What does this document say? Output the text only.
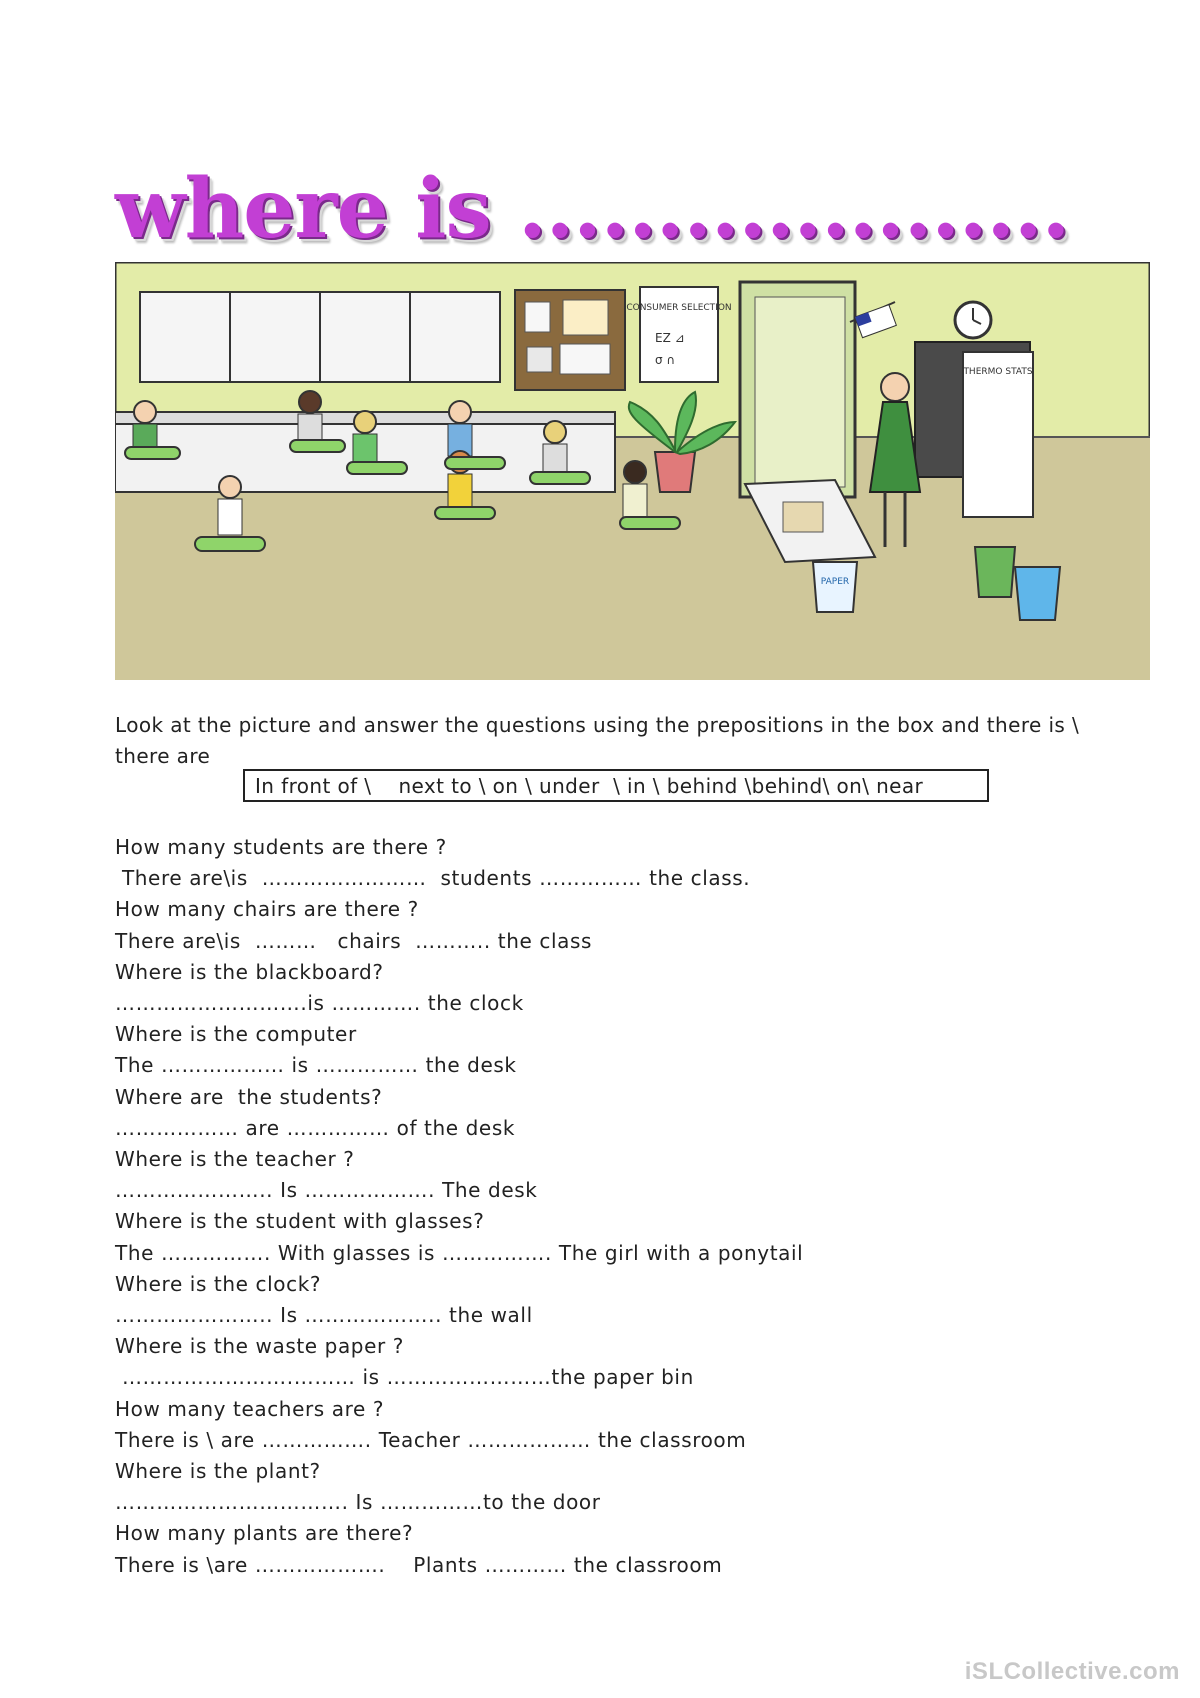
where is ....................
CONSUMER SELECTION
EZ ⊿
σ ∩
THERMO STATS
PAPER

Look at the picture and answer the questions using the prepositions in the box and there is \ there are

In front of \    next to \ on \ under  \ in \ behind \behind\ on\ near
How many students are there ?
There are\is  ……………………  students …………… the class.
How many chairs are there ?
There are\is  ………   chairs  ……….. the class
Where is the blackboard?
……………………….is …………. the clock
Where is the computer
The ……………… is …………… the desk
Where are  the students?
……………… are …………… of the desk
Where is the teacher ?
………………….. Is ………………. The desk
Where is the student with glasses?
The ……………. With glasses is ……………. The girl with a ponytail
Where is the clock?
………………….. Is ……………….. the wall
Where is the waste paper ?
…………………….……… is ……………………the paper bin
How many teachers are ?
There is \ are ……………. Teacher ……………… the classroom
Where is the plant?
……………………………. Is ……………to the door
How many plants are there?
There is \are ……………….    Plants ………… the classroom
iSLCollective.com
